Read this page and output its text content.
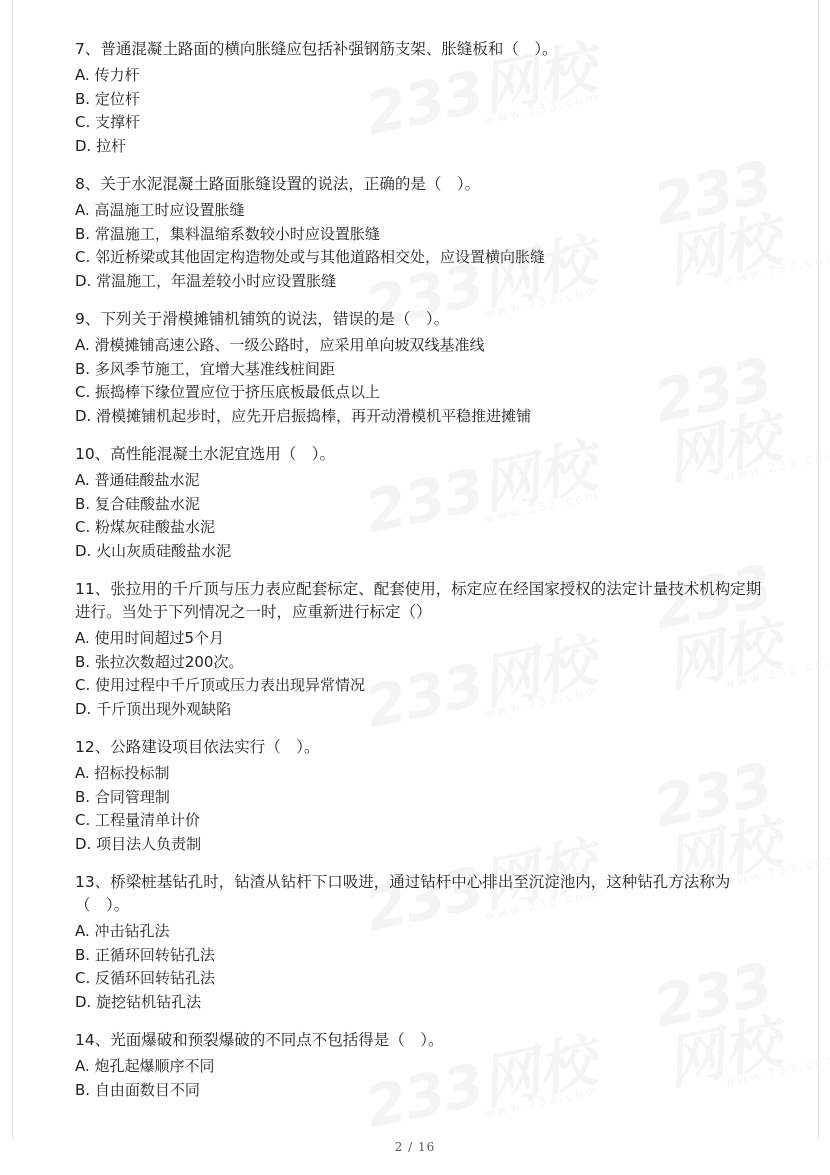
7、普通混凝土路面的横向胀缝应包括补强钢筋支架、胀缝板和（　）。
A. 传力杆
B. 定位杆
C. 支撑杆
D. 拉杆
8、关于水泥混凝土路面胀缝设置的说法，正确的是（　）。
A. 高温施工时应设置胀缝
B. 常温施工，集料温缩系数较小时应设置胀缝
C. 邻近桥梁或其他固定构造物处或与其他道路相交处，应设置横向胀缝
D. 常温施工，年温差较小时应设置胀缝
9、下列关于滑模摊铺机铺筑的说法，错误的是（　）。
A. 滑模摊铺高速公路、一级公路时，应采用单向坡双线基准线
B. 多风季节施工，宜增大基准线桩间距
C. 振捣棒下缘位置应位于挤压底板最低点以上
D. 滑模摊铺机起步时，应先开启振捣棒，再开动滑模机平稳推进摊铺
10、高性能混凝土水泥宜选用（　）。
A. 普通硅酸盐水泥
B. 复合硅酸盐水泥
C. 粉煤灰硅酸盐水泥
D. 火山灰质硅酸盐水泥
11、张拉用的千斤顶与压力表应配套标定、配套使用，标定应在经国家授权的法定计量技术机构定期进行。当处于下列情况之一时，应重新进行标定（）
A. 使用时间超过5个月
B. 张拉次数超过200次。
C. 使用过程中千斤顶或压力表出现异常情况
D. 千斤顶出现外观缺陷
12、公路建设项目依法实行（　）。
A. 招标投标制
B. 合同管理制
C. 工程量清单计价
D. 项目法人负责制
13、桥梁桩基钻孔时，钻渣从钻杆下口吸进，通过钻杆中心排出至沉淀池内，这种钻孔方法称为（　）。
A. 冲击钻孔法
B. 正循环回转钻孔法
C. 反循环回转钻孔法
D. 旋挖钻机钻孔法
14、光面爆破和预裂爆破的不同点不包括得是（　）。
A. 炮孔起爆顺序不同
B. 自由面数目不同
2 / 16
